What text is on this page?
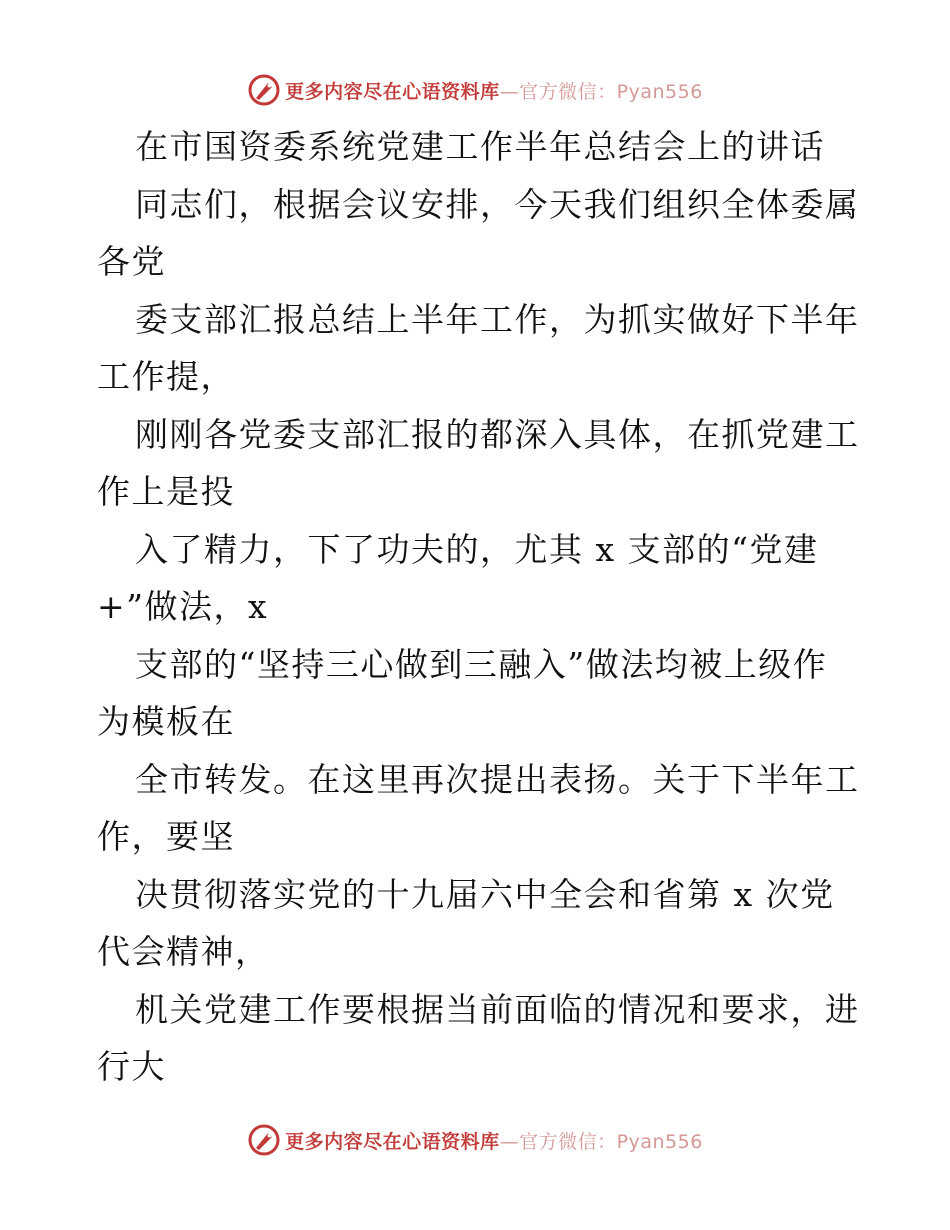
更多内容尽在心语资料库—官方微信：Pyan556
在市国资委系统党建工作半年总结会上的讲话
同志们，根据会议安排，今天我们组织全体委属
各党
委支部汇报总结上半年工作，为抓实做好下半年
工作提，
刚刚各党委支部汇报的都深入具体，在抓党建工
作上是投
入了精力，下了功夫的，尤其 x 支部的“党建
+”做法，x
支部的“坚持三心做到三融入”做法均被上级作
为模板在
全市转发。在这里再次提出表扬。关于下半年工
作，要坚
决贯彻落实党的十九届六中全会和省第 x 次党
代会精神，
机关党建工作要根据当前面临的情况和要求，进
行大
更多内容尽在心语资料库—官方微信：Pyan556
